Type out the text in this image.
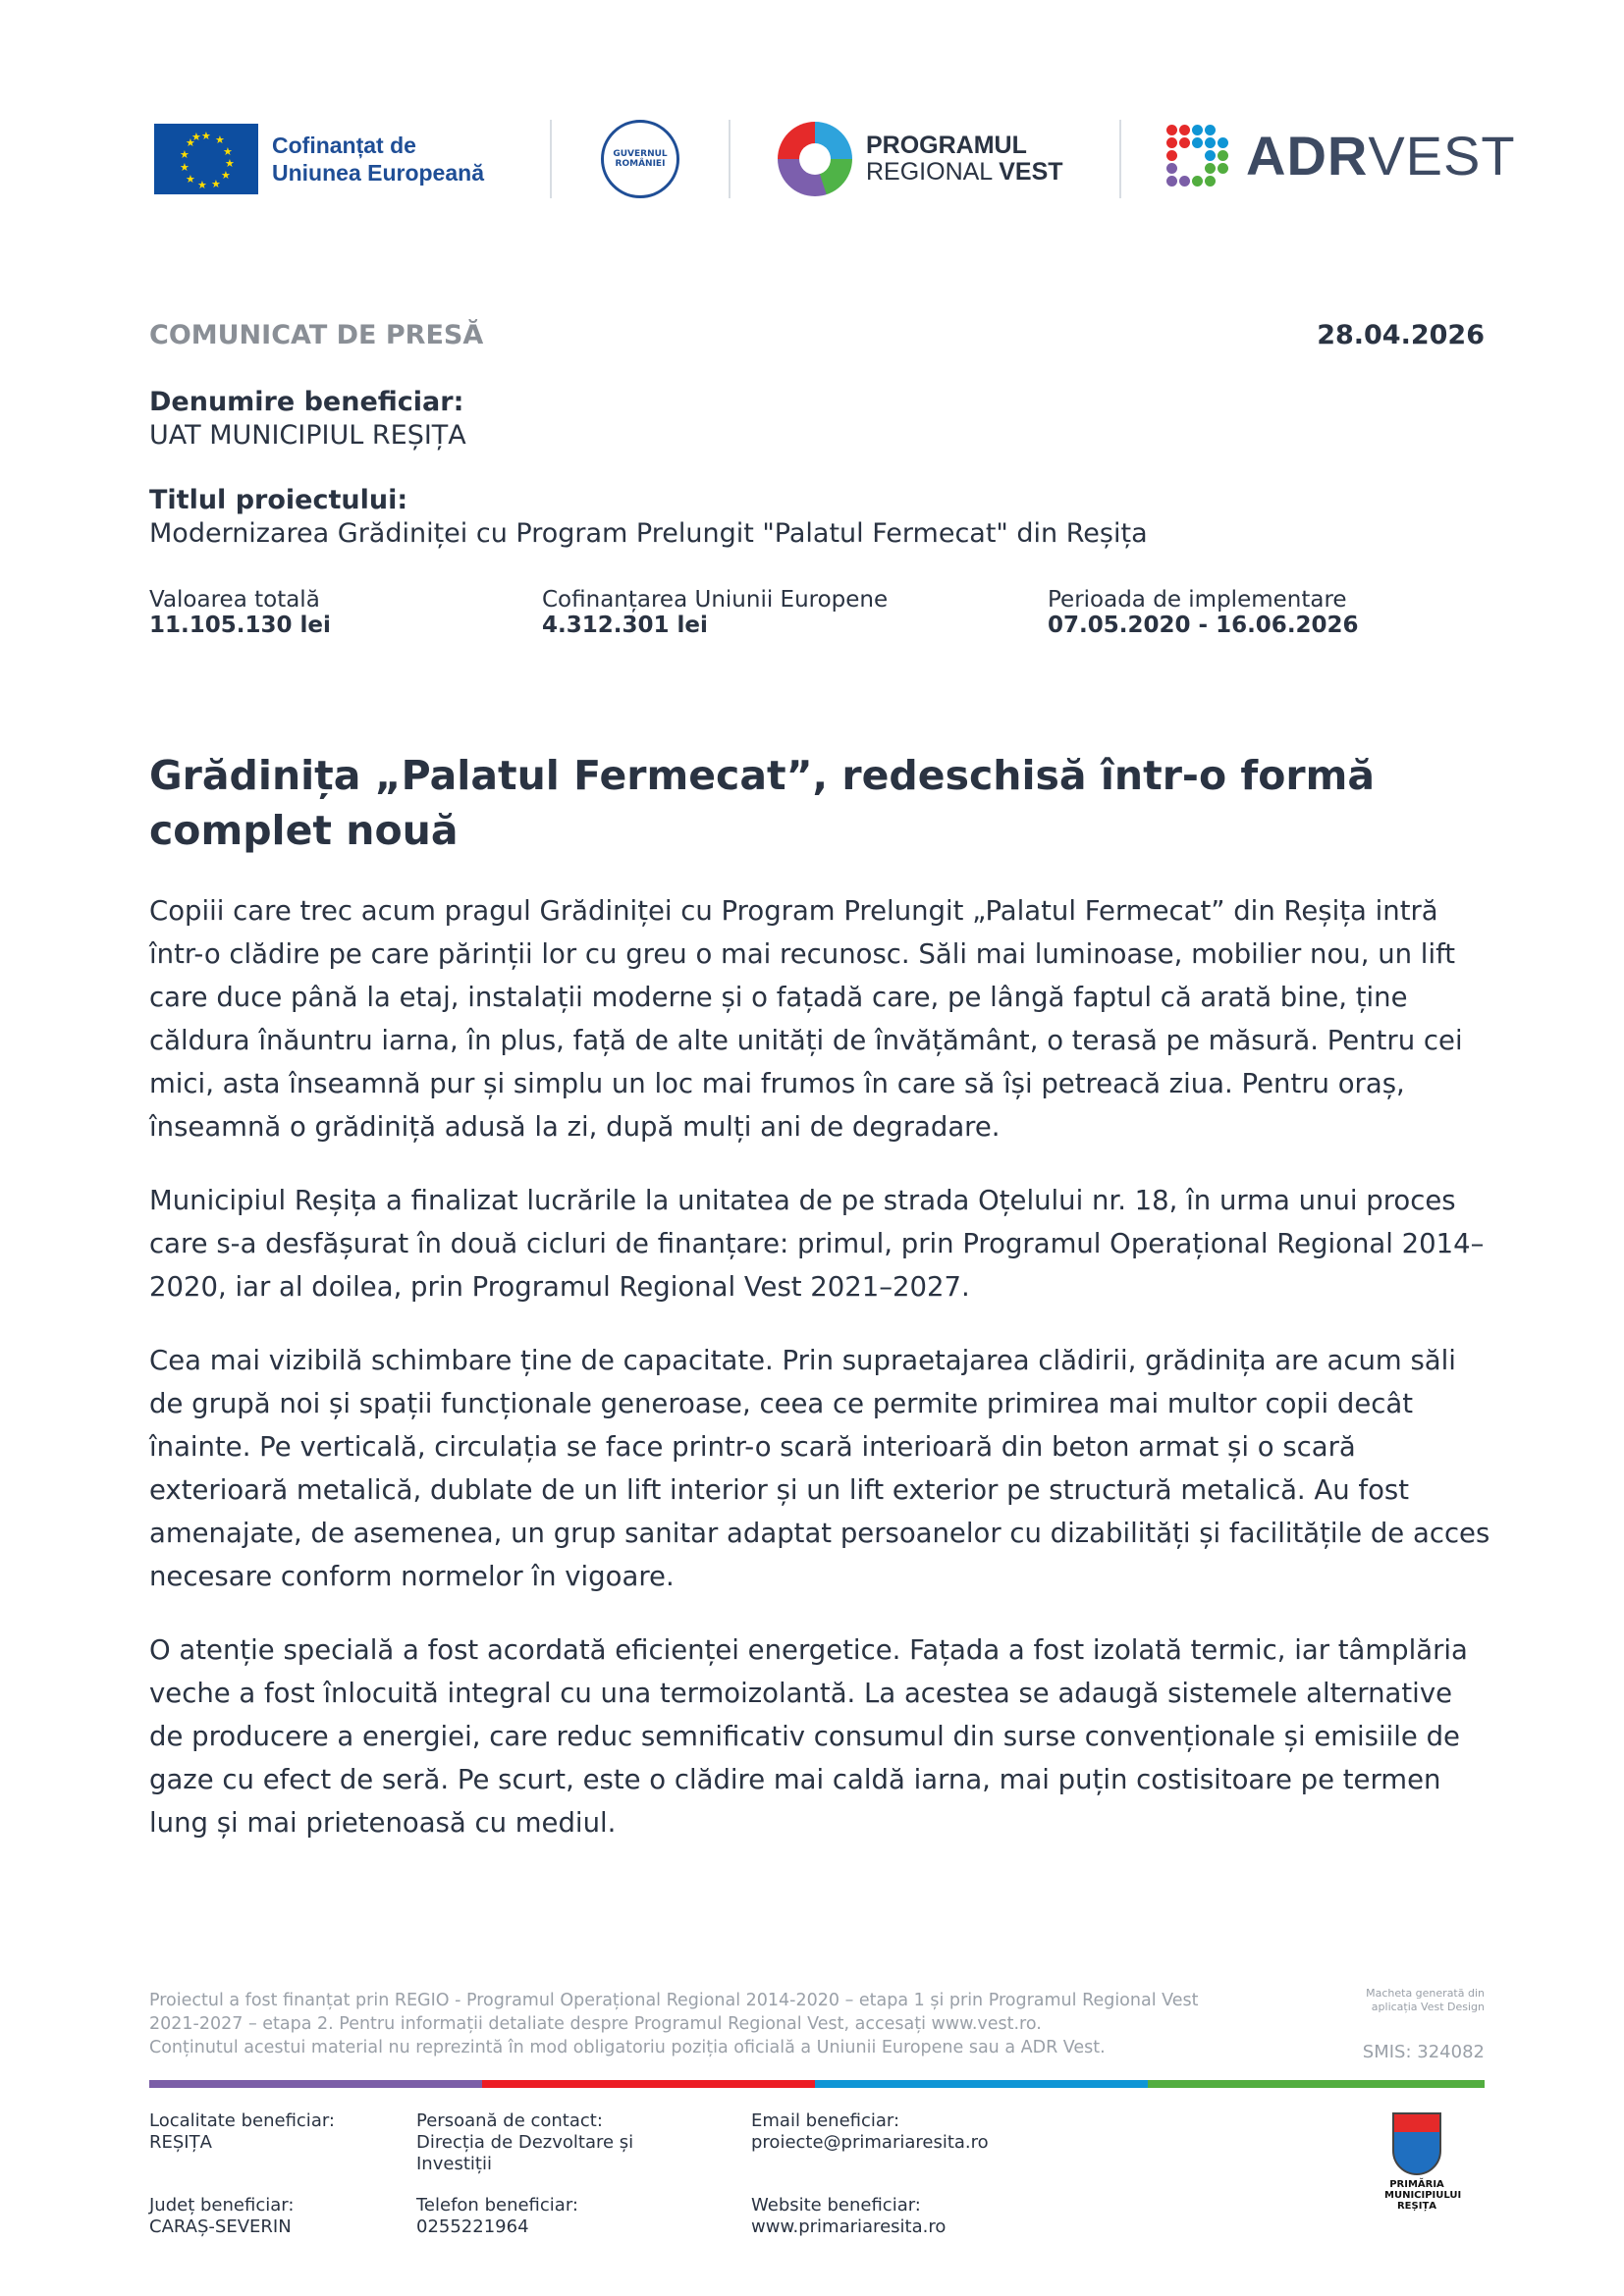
★ ★
★
★
★
★
★
★
★
★
★
★	Cofinanțat de Uniunea Europeană
GUVERNUL ROMÂNIEI
PROGRAMUL
REGIONAL VEST	ADRVEST
COMUNICAT DE PRESĂ	28.04.2026
Denumire beneficiar:
UAT MUNICIPIUL REȘIȚA
Titlul proiectului:
Modernizarea Grădiniței cu Program Prelungit "Palatul Fermecat" din Reșița
Valoarea totală
11.105.130 lei
Cofinanțarea Uniunii Europene
4.312.301 lei
Perioada de implementare
07.05.2020 - 16.06.2026
Grădinița „Palatul Fermecat”, redeschisă într-o formă complet nouă

Copiii care trec acum pragul Grădiniței cu Program Prelungit „Palatul Fermecat” din Reșița intră într-o clădire pe care părinții lor cu greu o mai recunosc. Săli mai luminoase, mobilier nou, un lift care duce până la etaj, instalații moderne și o fațadă care, pe lângă faptul că arată bine, ține căldura înăuntru iarna, în plus, față de alte unități de învățământ, o terasă pe măsură. Pentru cei mici, asta înseamnă pur și simplu un loc mai frumos în care să își petreacă ziua. Pentru oraș, înseamnă o grădiniță adusă la zi, după mulți ani de degradare.

Municipiul Reșița a finalizat lucrările la unitatea de pe strada Oțelului nr. 18, în urma unui proces care s-a desfășurat în două cicluri de finanțare: primul, prin Programul Operațional Regional 2014–2020, iar al doilea, prin Programul Regional Vest 2021–2027.

Cea mai vizibilă schimbare ține de capacitate. Prin supraetajarea clădirii, grădinița are acum săli de grupă noi și spații funcționale generoase, ceea ce permite primirea mai multor copii decât înainte. Pe verticală, circulația se face printr-o scară interioară din beton armat și o scară exterioară metalică, dublate de un lift interior și un lift exterior pe structură metalică. Au fost amenajate, de asemenea, un grup sanitar adaptat persoanelor cu dizabilități și facilitățile de acces necesare conform normelor în vigoare.

O atenție specială a fost acordată eficienței energetice. Fațada a fost izolată termic, iar tâmplăria veche a fost înlocuită integral cu una termoizolantă. La acestea se adaugă sistemele alternative de producere a energiei, care reduc semnificativ consumul din surse convenționale și emisiile de gaze cu efect de seră. Pe scurt, este o clădire mai caldă iarna, mai puțin costisitoare pe termen lung și mai prietenoasă cu mediul.

Proiectul a fost finanțat prin REGIO - Programul Operațional Regional 2014-2020 – etapa 1 și prin Programul Regional Vest
2021-2027 – etapa 2. Pentru informații detaliate despre Programul Regional Vest, accesați www.vest.ro.
Conținutul acestui material nu reprezintă în mod obligatoriu poziția oficială a Uniunii Europene sau a ADR Vest.
Macheta generată din
aplicația Vest Design
SMIS: 324082
Localitate beneficiar:
REȘIȚA
Persoană de contact:
Direcția de Dezvoltare și Investiții
Email beneficiar:
proiecte@primariaresita.ro
Județ beneficiar:
CARAȘ-SEVERIN
Telefon beneficiar:
0255221964
Website beneficiar:
www.primariaresita.ro
PRIMĂRIA MUNICIPIULUI REȘIȚA
